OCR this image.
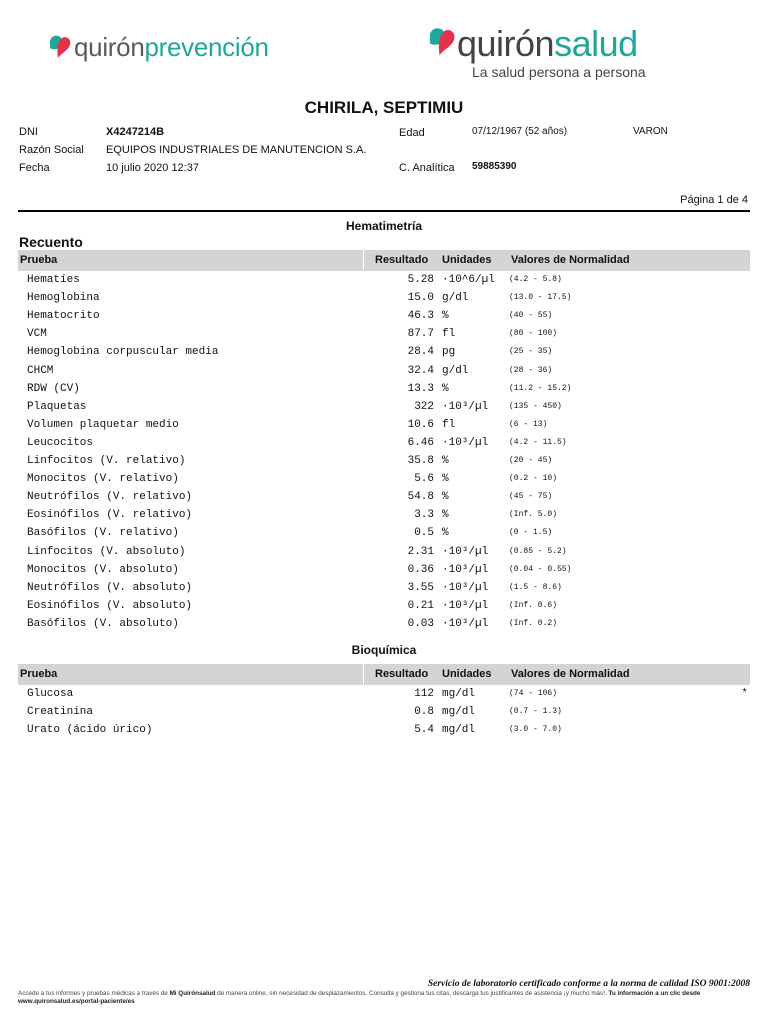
quirónprevención	quirónsalud
La salud persona a persona
CHIRILA, SEPTIMIU
DNI	X4247214B
Razón Social EQUIPOS INDUSTRIALES DE MANUTENCION S.A.
Fecha	10 julio 2020 12:37
Edad	07/12/1967 (52 años)	VARON
C. Analítica 59885390
Página 1 de 4
Hematimetría
Recuento
Prueba	Resultado Unidades Valores de Normalidad
Hematíes	5.28 ·10^6/µl (4.2 - 5.8)
Hemoglobina	15.0 g/dl	(13.0 - 17.5)
Hematocrito	46.3 %	(40 - 55)
VCM	87.7 fl	(80 - 100)
Hemoglobina corpuscular media	28.4 pg	(25 - 35)
CHCM	32.4 g/dl	(28 - 36)
RDW (CV)	13.3 %	(11.2 - 15.2)
Plaquetas	322 ·10³/µl	(135 - 450)
Volumen plaquetar medio	10.6 fl	(6 - 13)
Leucocitos	6.46 ·10³/µl	(4.2 - 11.5)
Linfocitos (V. relativo)	35.8 %	(20 - 45)
Monocitos (V. relativo)	5.6 %	(0.2 - 10)
Neutrófilos (V. relativo)	54.8 %	(45 - 75)
Eosinófilos (V. relativo)	3.3 %	(Inf. 5.0)
Basófilos (V. relativo)	0.5 %	(0 - 1.5)
Linfocitos (V. absoluto)	2.31 ·10³/µl	(0.85 - 5.2)
Monocitos (V. absoluto)	0.36 ·10³/µl	(0.04 - 0.55)
Neutrófilos (V. absoluto)	3.55 ·10³/µl	(1.5 - 8.6)
Eosinófilos (V. absoluto)	0.21 ·10³/µl	(Inf. 0.6)
Basófilos (V. absoluto)	0.03 ·10³/µl	(Inf. 0.2)
Bioquímica
Prueba	Resultado Unidades Valores de Normalidad
Glucosa	112 mg/dl	(74 - 106)	*
Creatinina	0.8 mg/dl	(0.7 - 1.3)
Urato (ácido úrico)	5.4 mg/dl	(3.0 - 7.0)
Servicio de laboratorio certificado conforme a la norma de calidad ISO 9001:2008
Accede a tus informes y pruebas médicas a través de Mi Quirónsalud de manera online, sin necesidad de desplazamientos. Consulta y gestiona tus citas, descarga tus justificantes de asistencia ¡y mucho más!. Tu información a un clic desde www.quironsalud.es/portal-paciente/es
